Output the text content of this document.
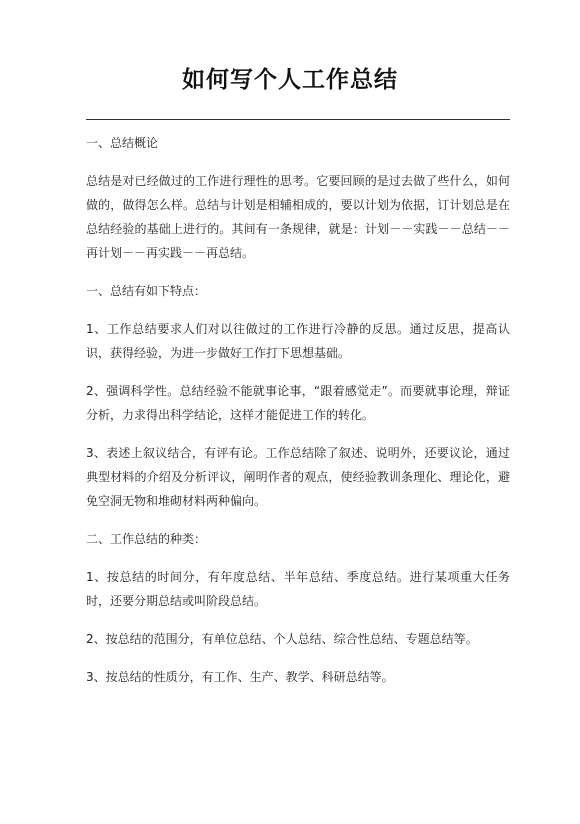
如何写个人工作总结
一、总结概论
总结是对已经做过的工作进行理性的思考。它要回顾的是过去做了些什么，如何做的，做得怎么样。总结与计划是相辅相成的，要以计划为依据，订计划总是在总结经验的基础上进行的。其间有一条规律，就是：计划－－实践－－总结－－再计划－－再实践－－再总结。
一、总结有如下特点：
1、工作总结要求人们对以往做过的工作进行冷静的反思。通过反思，提高认识，获得经验，为进一步做好工作打下思想基础。
2、强调科学性。总结经验不能就事论事，“跟着感觉走”。而要就事论理，辩证分析，力求得出科学结论，这样才能促进工作的转化。
3、表述上叙议结合，有评有论。工作总结除了叙述、说明外，还要议论，通过典型材料的介绍及分析评议，阐明作者的观点，使经验教训条理化、理论化，避免空洞无物和堆砌材料两种偏向。
二、工作总结的种类：
1、按总结的时间分，有年度总结、半年总结、季度总结。进行某项重大任务时，还要分期总结或叫阶段总结。
2、按总结的范围分，有单位总结、个人总结、综合性总结、专题总结等。
3、按总结的性质分，有工作、生产、教学、科研总结等。
